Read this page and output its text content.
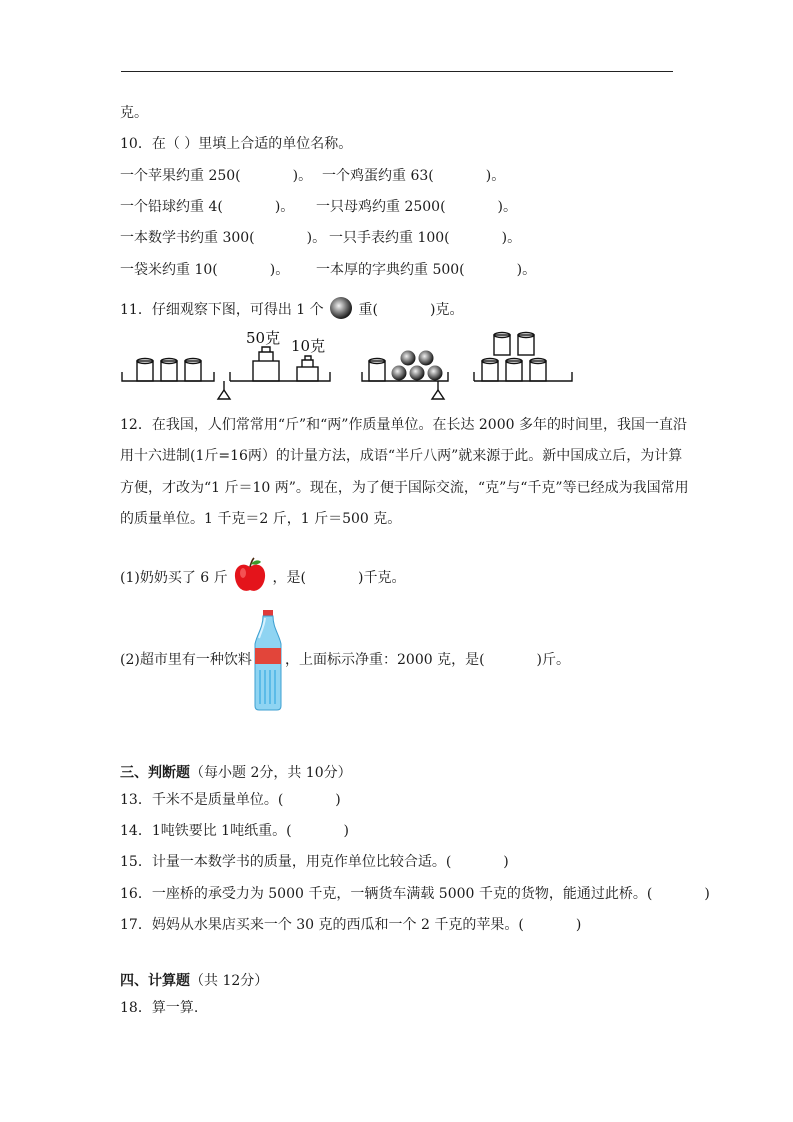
克。
10．在（ ）里填上合适的单位名称。
一个苹果约重 250(	)。 一个鸡蛋约重 63(	)。
一个铅球约重 4(	)。 一只母鸡约重 2500(	)。
一本数学书约重 300(	)。 一只手表约重 100(	)。
一袋米约重 10(	)。 一本厚的字典约重 500(	)。
11．仔细观察下图，可得出 1 个 重(	)克。
50克 10克
12．在我国，人们常常用“斤”和“两”作质量单位。在长达 2000 多年的时间里，我国一直沿
用十六进制(1斤=16两）的计量方法，成语“半斤八两”就来源于此。新中国成立后，为计算
方便，才改为“1 斤＝10 两”。现在，为了便于国际交流，“克”与“千克”等已经成为我国常用
的质量单位。1 千克＝2 斤，1 斤＝500 克。
(1)奶奶买了 6 斤	，是(	)千克。
(2)超市里有一种饮料 ，上面标示净重：2000 克，是(	)斤。
三、判断题（每小题 2分，共 10分）
13．千米不是质量单位。(	)
14．1吨铁要比 1吨纸重。(	)
15．计量一本数学书的质量，用克作单位比较合适。(	)
16．一座桥的承受力为 5000 千克，一辆货车满载 5000 千克的货物，能通过此桥。(	)
17．妈妈从水果店买来一个 30 克的西瓜和一个 2 千克的苹果。(	)
四、计算题（共 12分）
18．算一算.
